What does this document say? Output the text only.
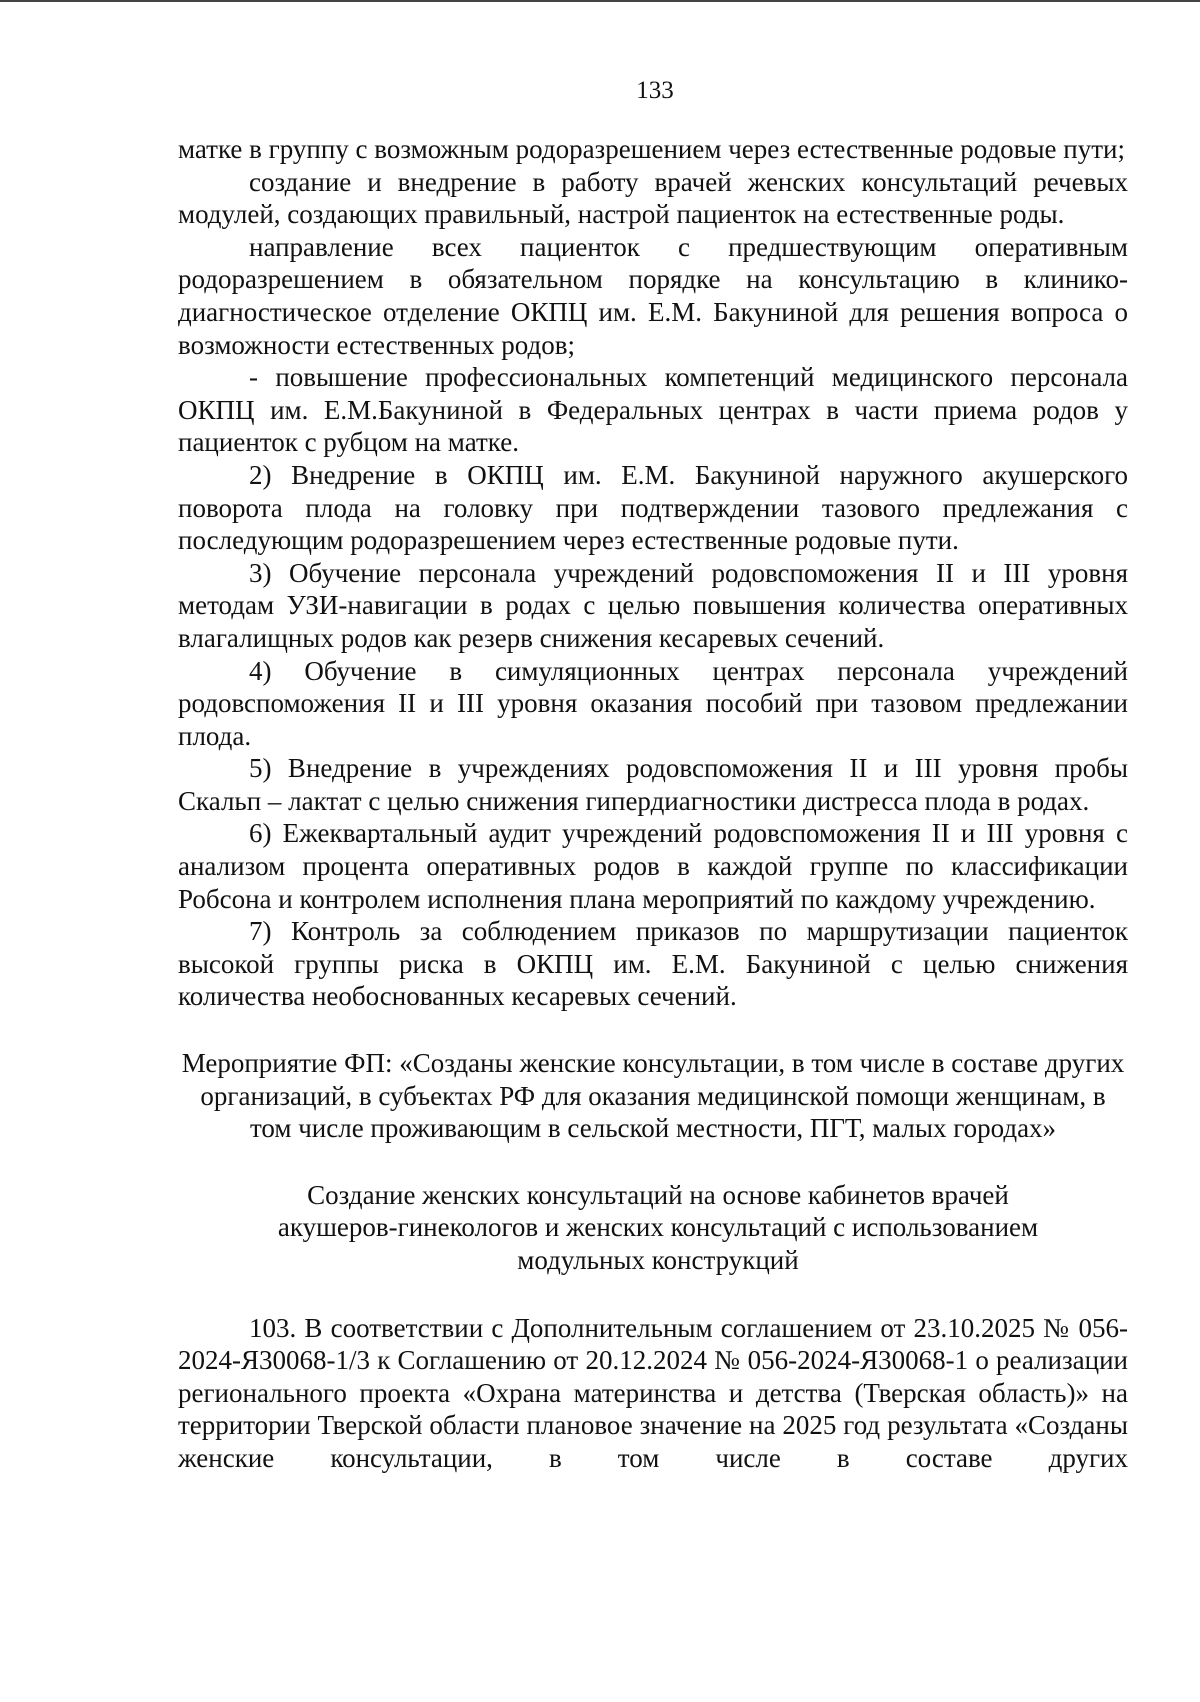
133

матке в группу с возможным родоразрешением через естественные родовые пути;

создание и внедрение в работу врачей женских консультаций речевых модулей, создающих правильный, настрой пациенток на естественные роды.

направление всех пациенток с предшествующим оперативным родоразрешением в обязательном порядке на консультацию в клинико-диагностическое отделение ОКПЦ им. Е.М. Бакуниной для решения вопроса о возможности естественных родов;

- повышение профессиональных компетенций медицинского персонала ОКПЦ им. Е.М.Бакуниной в Федеральных центрах в части приема родов у пациенток с рубцом на матке.

2) Внедрение в ОКПЦ им. Е.М. Бакуниной наружного акушерского поворота плода на головку при подтверждении тазового предлежания с последующим родоразрешением через естественные родовые пути.

3) Обучение персонала учреждений родовспоможения II и III уровня методам УЗИ-навигации в родах с целью повышения количества оперативных влагалищных родов как резерв снижения кесаревых сечений.

4) Обучение в симуляционных центрах персонала учреждений родовспоможения II и III уровня оказания пособий при тазовом предлежании плода.

5) Внедрение в учреждениях родовспоможения II и III уровня пробы Скальп – лактат с целью снижения гипердиагностики дистресса плода в родах.

6) Ежеквартальный аудит учреждений родовспоможения II и III уровня с анализом процента оперативных родов в каждой группе по классификации Робсона и контролем исполнения плана мероприятий по каждому учреждению.

7) Контроль за соблюдением приказов по маршрутизации пациенток высокой группы риска в ОКПЦ им. Е.М. Бакуниной с целью снижения количества необоснованных кесаревых сечений.

Мероприятие ФП: «Созданы женские консультации, в том числе в составе других организаций, в субъектах РФ для оказания медицинской помощи женщинам, в том числе проживающим в сельской местности, ПГТ, малых городах»

Создание женских консультаций на основе кабинетов врачей акушеров-гинекологов и женских консультаций с использованием модульных конструкций

103. В соответствии с Дополнительным соглашением от 23.10.2025 № 056-2024-Я30068-1/3 к Соглашению от 20.12.2024 № 056-2024-Я30068-1 о реализации регионального проекта «Охрана материнства и детства (Тверская область)» на территории Тверской области плановое значение на 2025 год результата «Созданы женские консультации, в том числе в составе других
